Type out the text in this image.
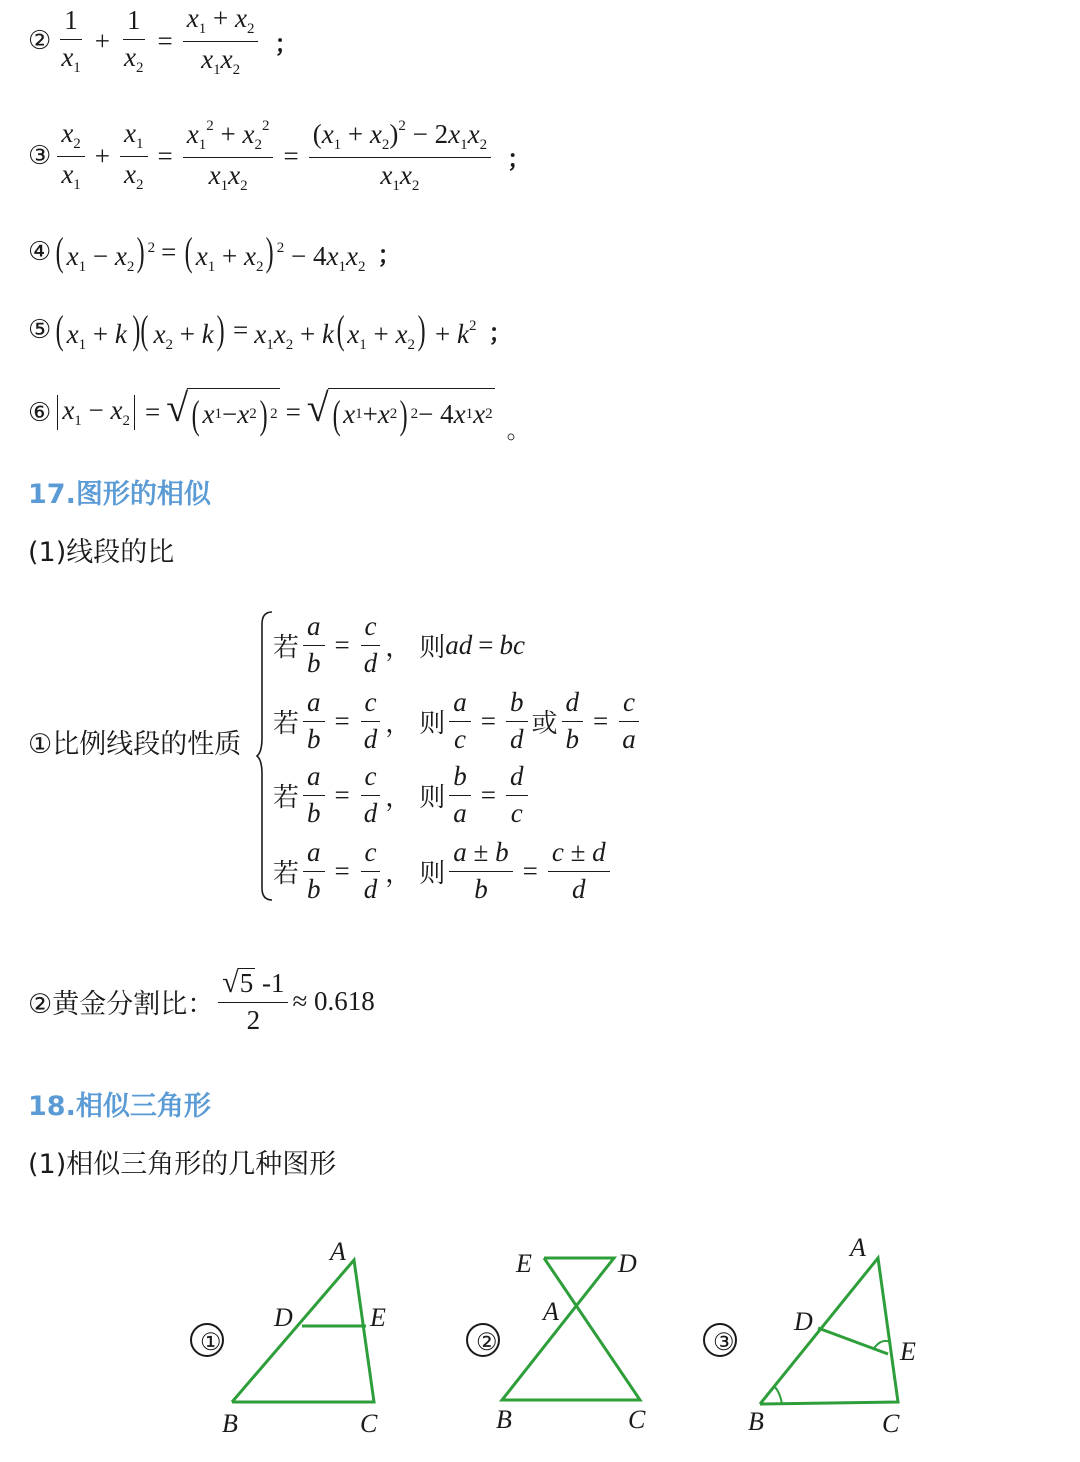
② $\frac{1}{x_1} + \frac{1}{x_2} = \frac{x_1 + x_2}{x_1x_2}$ ；
③ $\frac{x_2}{x_1} + \frac{x_1}{x_2} = \frac{x_1^2 + x_2^2}{x_1x_2} = \frac{(x_1 + x_2)^2 - 2x_1x_2}{x_1x_2}$ ；
④ $(x_1 - x_2) ^2 = (x_1 + x_2) ^2 - 4x_1x_2$ ；
⑤ ($x_1 + k$ )( $x_2 + k) = x_1x_2 + k(x_1 + x_2) + k^2$ ；
⑥ $x_1 - x_2$ = √ ( x 1 − x 2 ) 2 = √ ( x 1 + x 2 ) 2 − 4 x 1 x 2
。
17.图形的相似
(1)线段的比
①比例线段的性质
若 $\frac{a}{b} = \frac{c}{d}$ ， 则 ad = bc
若 $\frac{a}{b} = \frac{c}{d}$ ， 则 $\frac{a}{c} = \frac{b}{d}$ 或 $\frac{d}{b} = \frac{c}{a}$
若 $\frac{a}{b} = \frac{c}{d}$ ， 则 $\frac{b}{a} = \frac{d}{c}$
若 $\frac{a}{b} = \frac{c}{d}$ ， 则 $\frac{a \pm b}{b} = \frac{c \pm d}{d}$
②黄金分割比： $\frac{√ 5 -1}{2} \approx 0.618$
18.相似三角形
(1)相似三角形的几种图形
①
A
D	E
B	C
②
E	D
A
B	C
③
A
D
E
B	C
